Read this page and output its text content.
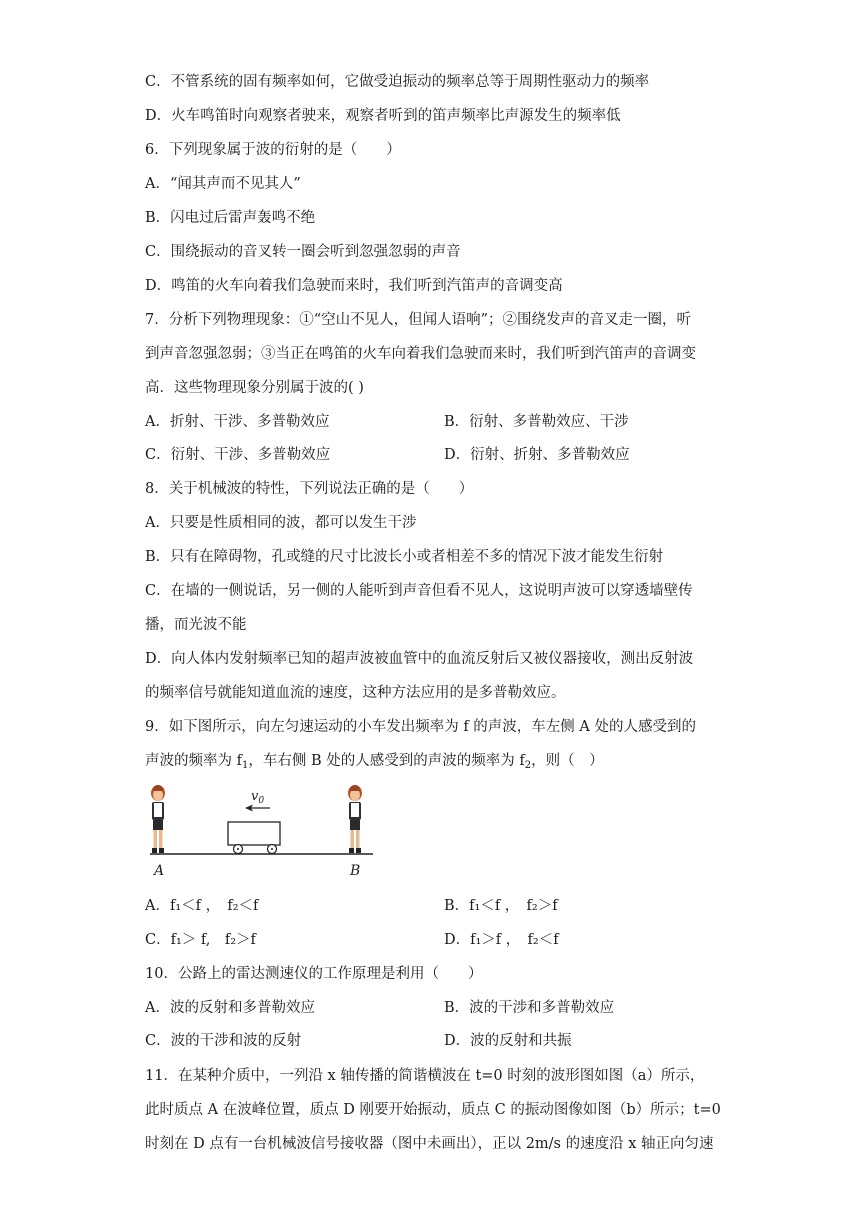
C．不管系统的固有频率如何，它做受迫振动的频率总等于周期性驱动力的频率
D．火车鸣笛时向观察者驶来，观察者听到的笛声频率比声源发生的频率低
6．下列现象属于波的衍射的是（　　）
A．“闻其声而不见其人”
B．闪电过后雷声轰鸣不绝
C．围绕振动的音叉转一圈会听到忽强忽弱的声音
D．鸣笛的火车向着我们急驶而来时，我们听到汽笛声的音调变高
7．分析下列物理现象：①“空山不见人，但闻人语响”；②围绕发声的音叉走一圈，听
到声音忽强忽弱；③当正在鸣笛的火车向着我们急驶而来时，我们听到汽笛声的音调变
高．这些物理现象分别属于波的( )
A．折射、干涉、多普勒效应	B．衍射、多普勒效应、干涉
C．衍射、干涉、多普勒效应	D．衍射、折射、多普勒效应
8．关于机械波的特性，下列说法正确的是（　　）
A．只要是性质相同的波，都可以发生干涉
B．只有在障碍物，孔或缝的尺寸比波长小或者相差不多的情况下波才能发生衍射
C．在墙的一侧说话，另一侧的人能听到声音但看不见人，这说明声波可以穿透墙壁传
播，而光波不能
D．向人体内发射频率已知的超声波被血管中的血流反射后又被仪器接收，测出反射波
的频率信号就能知道血流的速度，这种方法应用的是多普勒效应。
9．如下图所示，向左匀速运动的小车发出频率为 f 的声波，车左侧 A 处的人感受到的
声波的频率为 $f_1$，车右侧 B 处的人感受到的声波的频率为 $f_2$，则（　）
$v_0$
A	B
A．f₁＜f ，　f₂＜f	B．f₁＜f ，　f₂＞f
C．f₁＞ f,　f₂＞f	D．f₁＞f ，　f₂＜f
10．公路上的雷达测速仪的工作原理是利用（　　）
A．波的反射和多普勒效应	B．波的干涉和多普勒效应
C．波的干涉和波的反射	D．波的反射和共振
11．在某种介质中，一列沿 x 轴传播的简谐横波在 t=0 时刻的波形图如图（a）所示，
此时质点 A 在波峰位置，质点 D 刚要开始振动，质点 C 的振动图像如图（b）所示；t=0
时刻在 D 点有一台机械波信号接收器（图中未画出），正以 2m/s 的速度沿 x 轴正向匀速
